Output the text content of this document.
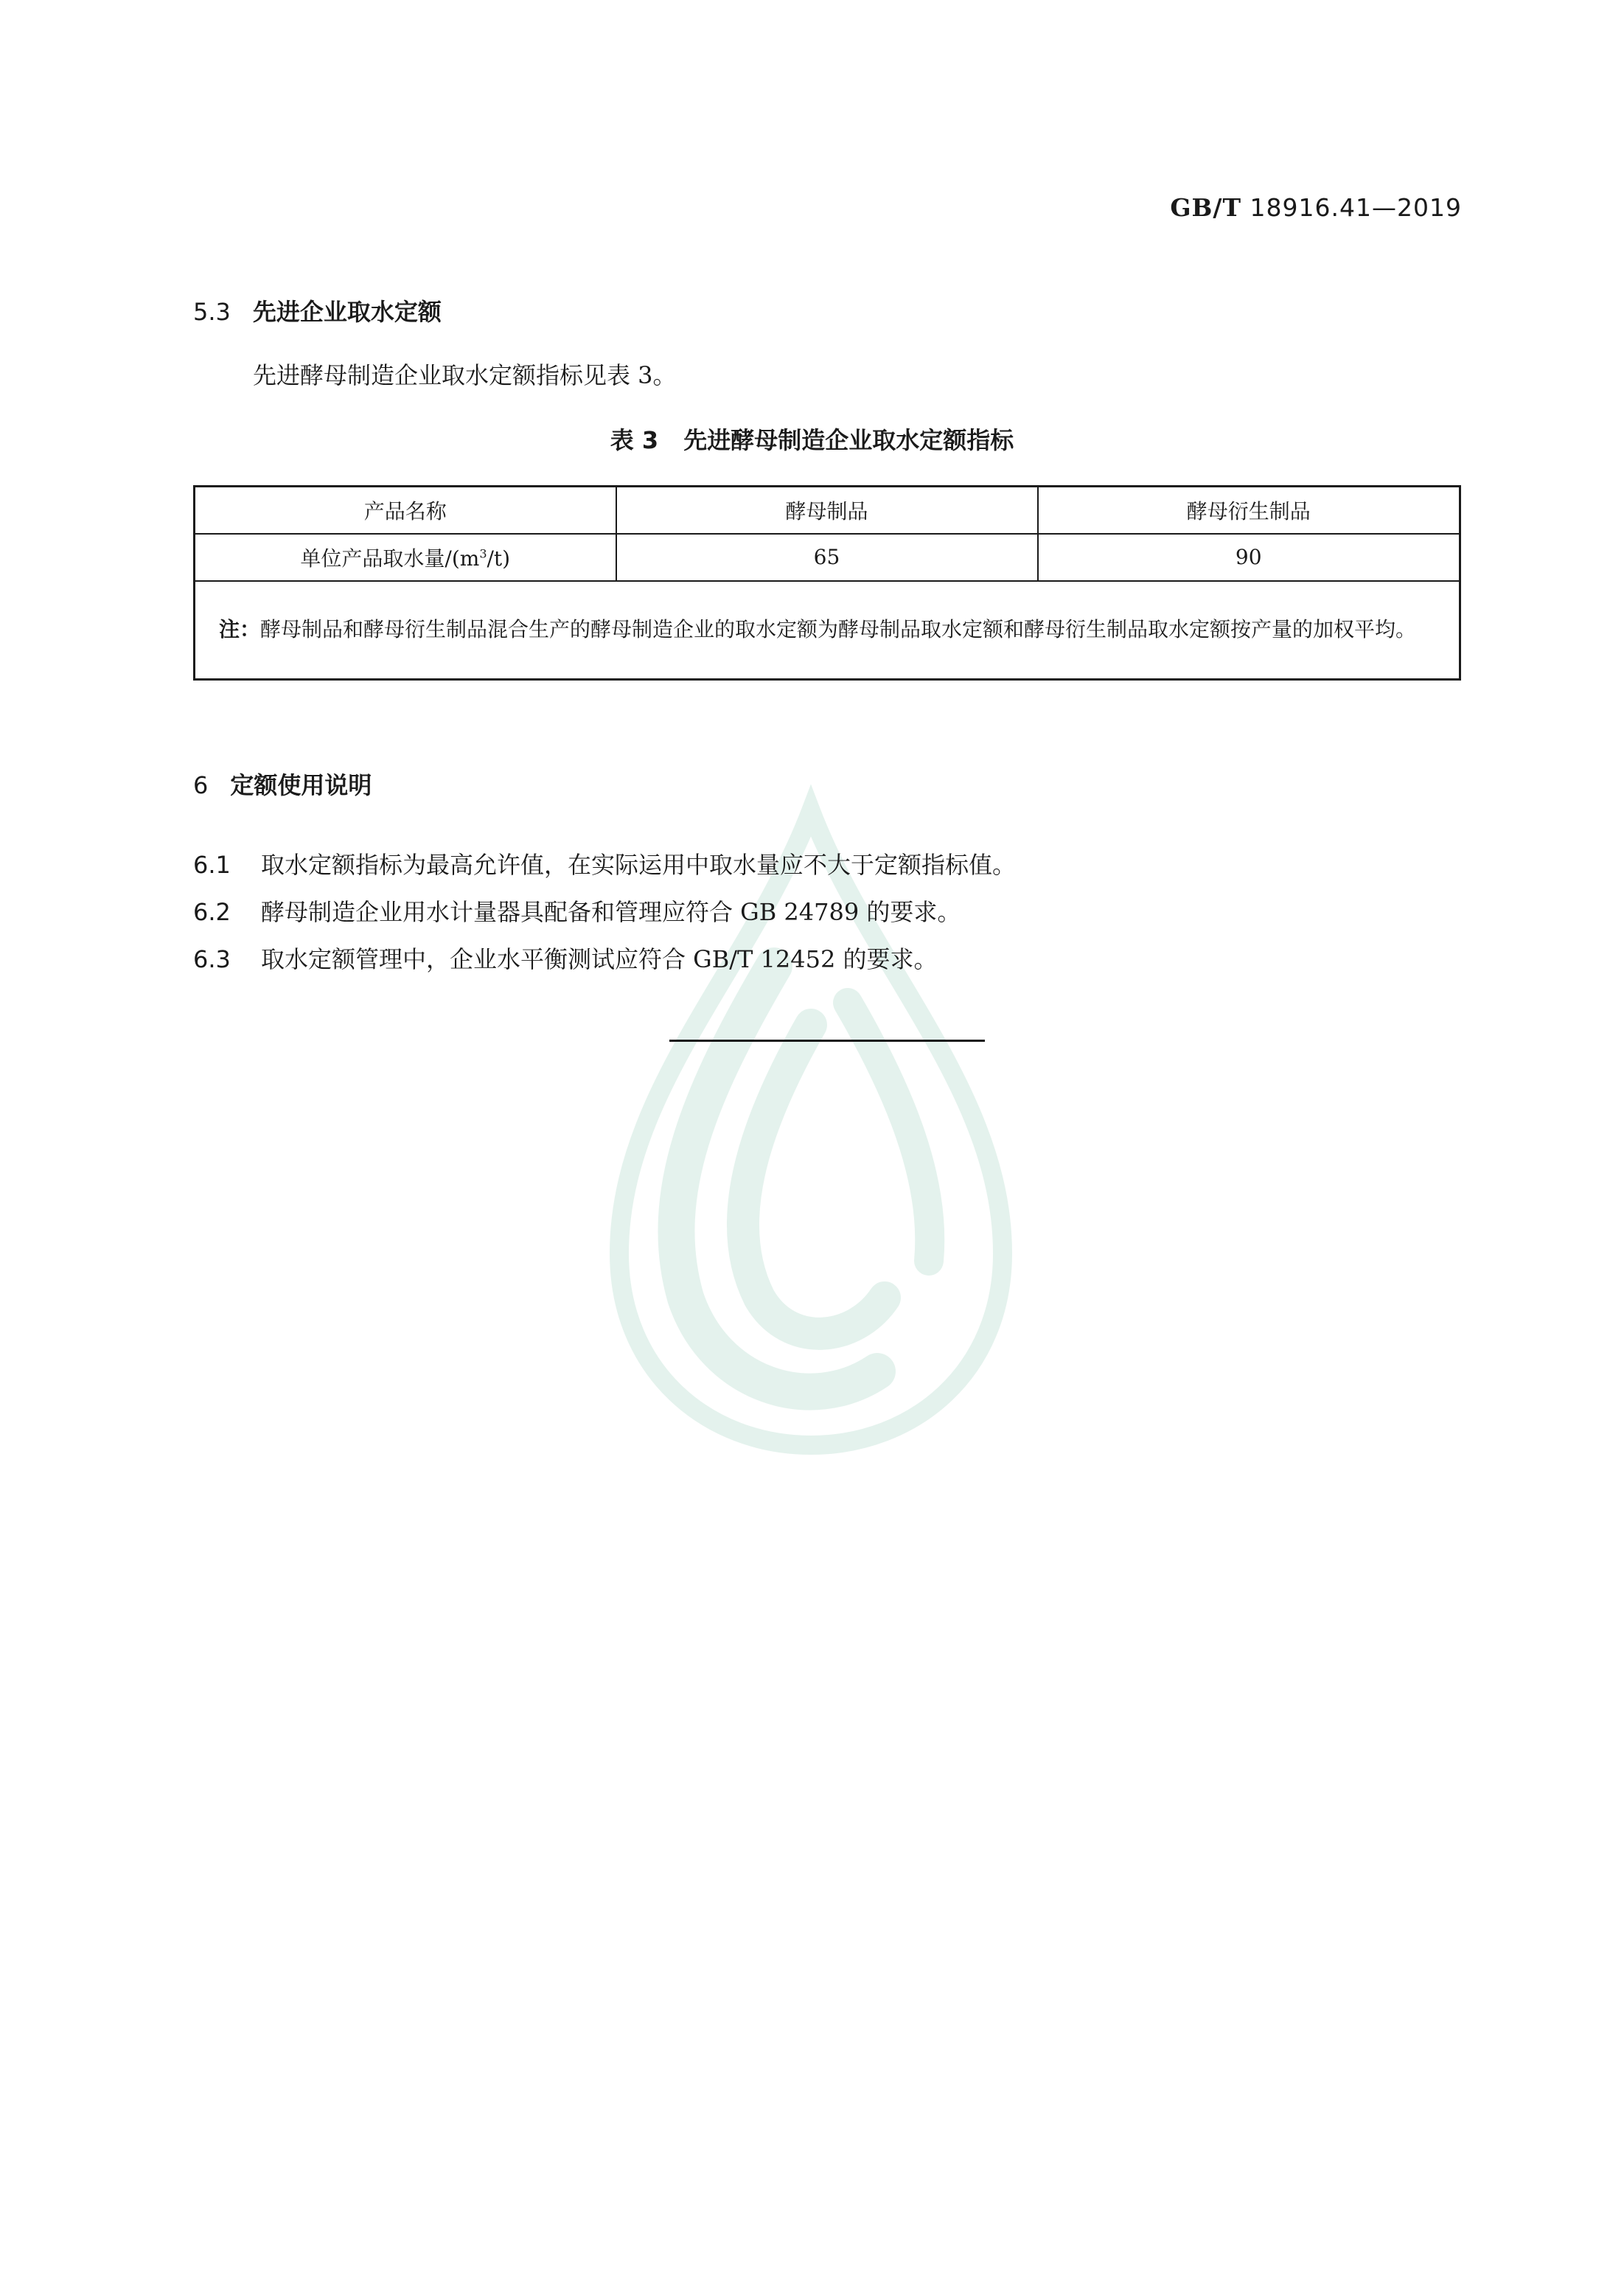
GB/T 18916.41—2019
5.3 先进企业取水定额
先进酵母制造企业取水定额指标见表 3。
表 3 先进酵母制造企业取水定额指标
产品名称	酵母制品	酵母衍生制品
单位产品取水量$/(m^3/t)$	65	90
注：酵母制品和酵母衍生制品混合生产的酵母制造企业的取水定额为酵母制品取水定额和酵母衍生制品取水定额按产量的加权平均。		
6 定额使用说明
6.1 取水定额指标为最高允许值，在实际运用中取水量应不大于定额指标值。
6.2 酵母制造企业用水计量器具配备和管理应符合 GB 24789 的要求。
6.3 取水定额管理中，企业水平衡测试应符合 GB/T 12452 的要求。
